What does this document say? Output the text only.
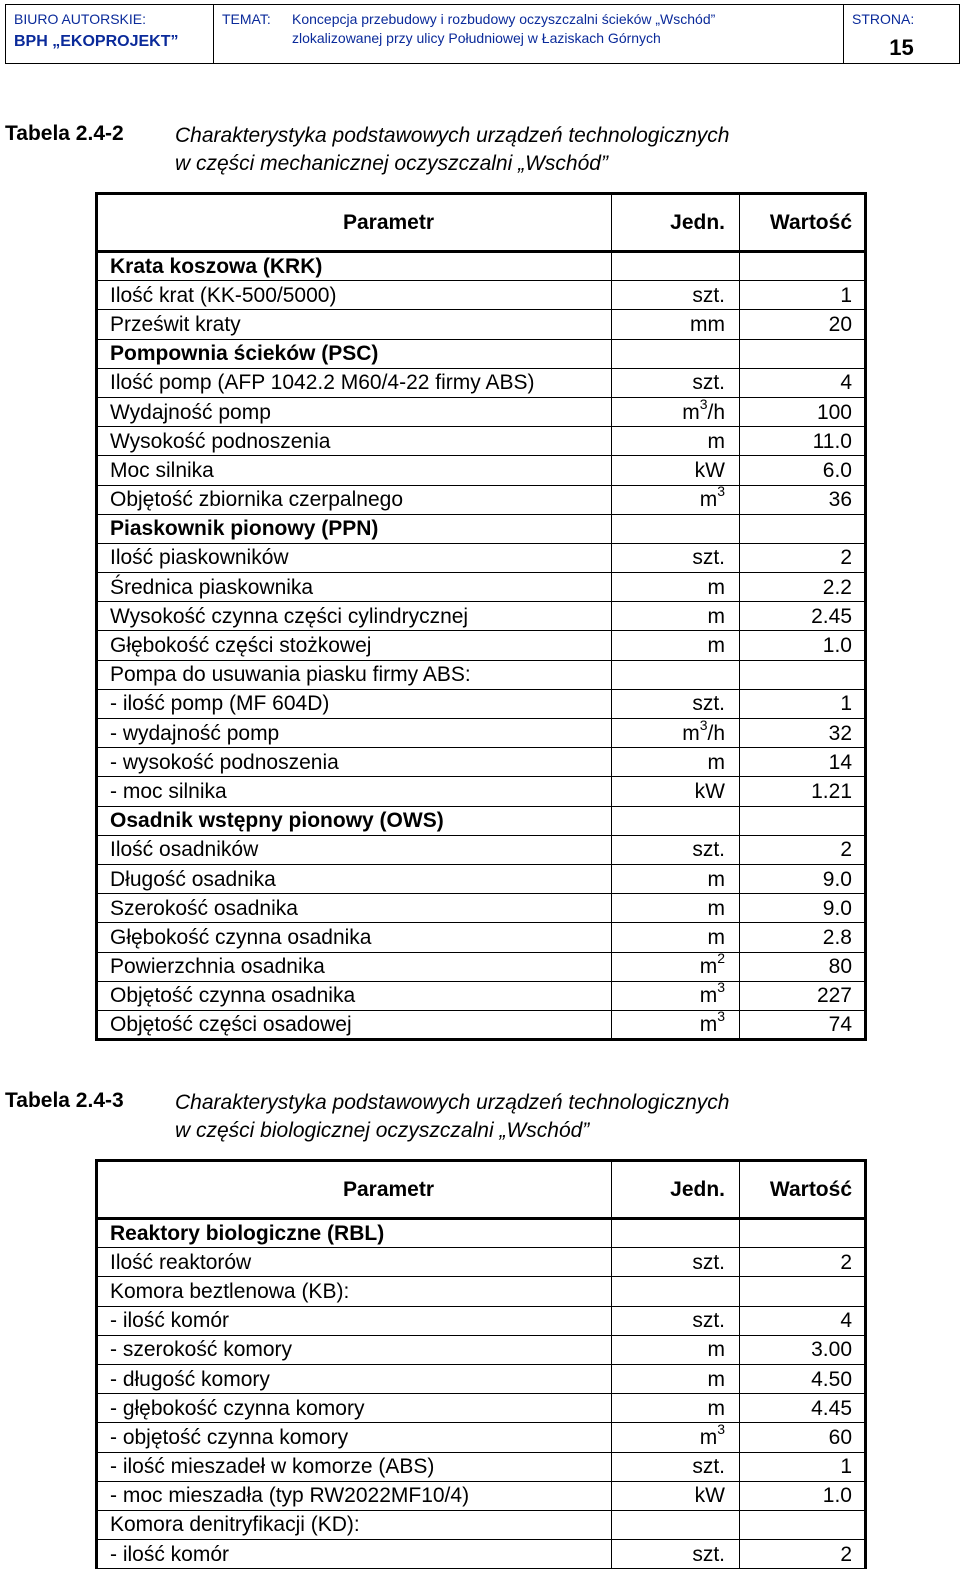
BIURO AUTORSKIE:
BPH „EKOPROJEKT”
TEMAT:	Koncepcja przebudowy i rozbudowy oczyszczalni ścieków „Wschód”
zlokalizowanej przy ulicy Południowej w Łaziskach Górnych
STRONA:
15
Tabela 2.4-2	Charakterystyka podstawowych urządzeń technologicznych
w części mechanicznej oczyszczalni „Wschód”
Parametr	Jedn.	Wartość
Krata koszowa (KRK)		
Ilość krat (KK-500/5000)	szt.	1
Prześwit kraty	mm	20
Pompownia ścieków (PSC)		
Ilość pomp (AFP 1042.2 M60/4-22 firmy ABS)	szt.	4
Wydajność pomp	$m^3/h$	100
Wysokość podnoszenia	m	11.0
Moc silnika	kW	6.0
Objętość zbiornika czerpalnego	$m^3$	36
Piaskownik pionowy (PPN)		
Ilość piaskowników	szt.	2
Średnica piaskownika	m	2.2
Wysokość czynna części cylindrycznej	m	2.45
Głębokość części stożkowej	m	1.0
Pompa do usuwania piasku firmy ABS:		
- ilość pomp (MF 604D)	szt.	1
- wydajność pomp	$m^3/h$	32
- wysokość podnoszenia	m	14
- moc silnika	kW	1.21
Osadnik wstępny pionowy (OWS)		
Ilość osadników	szt.	2
Długość osadnika	m	9.0
Szerokość osadnika	m	9.0
Głębokość czynna osadnika	m	2.8
Powierzchnia osadnika	$m^2$	80
Objętość czynna osadnika	$m^3$	227
Objętość części osadowej	$m^3$	74
Tabela 2.4-3	Charakterystyka podstawowych urządzeń technologicznych
w części biologicznej oczyszczalni „Wschód”
Parametr	Jedn.	Wartość
Reaktory biologiczne (RBL)		
Ilość reaktorów	szt.	2
Komora beztlenowa (KB):		
- ilość komór	szt.	4
- szerokość komory	m	3.00
- długość komory	m	4.50
- głębokość czynna komory	m	4.45
- objętość czynna komory	$m^3$	60
- ilość mieszadeł w komorze (ABS)	szt.	1
- moc mieszadła (typ RW2022MF10/4)	kW	1.0
Komora denitryfikacji (KD):		
- ilość komór	szt.	2
